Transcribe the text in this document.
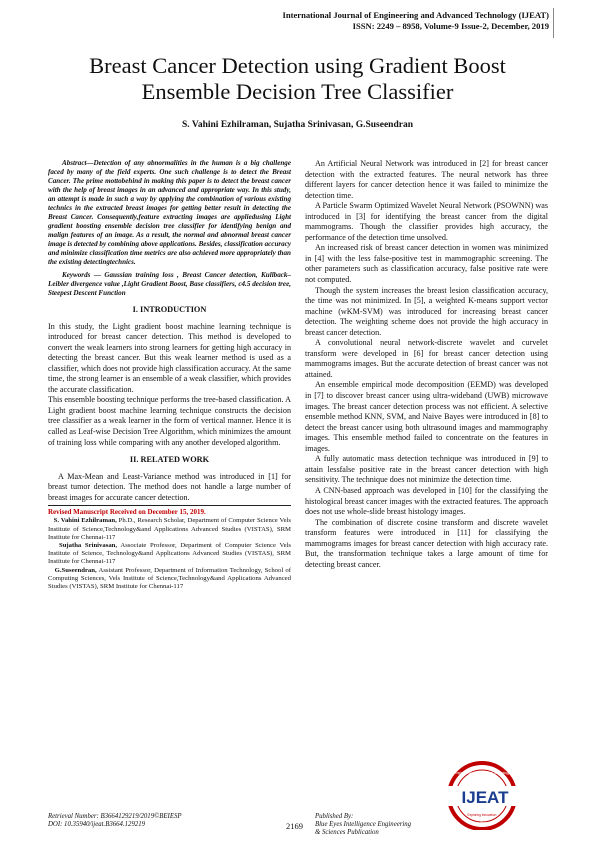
International Journal of Engineering and Advanced Technology (IJEAT)
ISSN: 2249 – 8958, Volume-9 Issue-2, December, 2019
Breast Cancer Detection using Gradient Boost
Ensemble Decision Tree Classifier
S. Vahini Ezhilraman, Sujatha Srinivasan, G.Suseendran

Abstract—Detection of any abnormalities in the human is a big challenge faced by many of the field experts. One such challenge is to detect the Breast Cancer. The prime mottobehind in making this paper is to detect the breast cancer with the help of breast images in an advanced and appropriate way. In this study, an attempt is made in such a way by applying the combination of various existing technics in the extracted breast images for getting better result in detecting the Breast Cancer. Consequently,feature extracting images are appliedusing Light gradient boosting ensemble decision tree classifier for identifying benign and malign features of an image. As a result, the normal and abnormal breast cancer image is detected by combining above applications. Besides, classification accuracy and minimize classification time metrics are also achieved more appropriately than the existing detectingtechnics.

Keywords — Gaussian training loss , Breast Cancer detection, Kullback–Leibler divergence value ,Light Gradient Boost, Base classifiers, c4.5 decision tree, Steepest Descent Function

I. INTRODUCTION

In this study, the Light gradient boost machine learning technique is introduced for breast cancer detection. This method is developed to convert the weak learners into strong learners for getting high accuracy in detecting the breast cancer. But this weak learner method is used as a classifier, which does not provide high classification accuracy. At the same time, the strong learner is an ensemble of a weak classifier, which provides the accurate classification.

This ensemble boosting technique performs the tree-based classification. A Light gradient boost machine learning technique constructs the decision tree classifier as a weak learner in the form of vertical manner. Hence it is called as Leaf-wise Decision Tree Algorithm, which minimizes the amount of training loss while comparing with any another developed algorithm.

II. RELATED WORK

A Max-Mean and Least-Variance method was introduced in [1] for breast tumor detection. The method does not handle a large number of breast images for accurate cancer detection.

Revised Manuscript Received on December 15, 2019.

S. Vahini Ezhilraman, Ph.D., Research Scholar, Department of Computer Science Vels Institute of Science,Technology&and Applications Advanced Studies (VISTAS), SRM Institute for Chennai-117

Sujatha Srinivasan, Associate Professor, Department of Computer Science Vels Institute of Science, Technology&and Applications Advanced Studies (VISTAS), SRM Institute for Chennai-117

G.Suseendran, Assistant Professor, Department of Information Technology, School of Computing Sciences, Vels Institute of Science,Technology&and Applications Advanced Studies (VISTAS), SRM Institute for Chennai-117

An Artificial Neural Network was introduced in [2] for breast cancer detection with the extracted features. The neural network has three different layers for cancer detection hence it was failed to minimize the detection time.

A Particle Swarm Optimized Wavelet Neural Network (PSOWNN) was introduced in [3] for identifying the breast cancer from the digital mammograms. Though the classifier provides high accuracy, the performance of the detection time unsolved.

An increased risk of breast cancer detection in women was minimized in [4] with the less false-positive test in mammographic screening. The other parameters such as classification accuracy, false positive rate were not computed.

Though the system increases the breast lesion classification accuracy, the time was not minimized. In [5], a weighted K-means support vector machine (wKM-SVM) was introduced for increasing breast cancer detection. The weighting scheme does not provide the high accuracy in breast cancer detection.

A convolutional neural network-discrete wavelet and curvelet transform were developed in [6] for breast cancer detection using mammograms images. But the accurate detection of breast cancer was not attained.

An ensemble empirical mode decomposition (EEMD) was developed in [7] to discover breast cancer using ultra-wideband (UWB) microwave images. The breast cancer detection process was not efficient. A selective ensemble method KNN, SVM, and Naive Bayes were introduced in [8] to detect the breast cancer using both ultrasound images and mammography images. This ensemble method failed to concentrate on the features in images.

A fully automatic mass detection technique was introduced in [9] to attain lessfalse positive rate in the breast cancer detection with high sensitivity. The technique does not minimize the detection time.

A CNN-based approach was developed in [10] for the classifying the histological breast cancer images with the extracted features. The approach does not use whole-slide breast histology images.

The combination of discrete cosine transform and discrete wavelet transform features were introduced in [11] for classifying the mammograms images for breast cancer detection with high accuracy rate. But, the transformation technique takes a large amount of time for detecting breast cancer.

Retrieval Number: B3664129219/2019©BEIESP
DOI: 10.35940/ijeat.B3664.129219	2169
Published By:
Blue Eyes Intelligence Engineering
& Sciences Publication
IJEAT
Engineering and Advanced Technology
www.ijeat.org
Exploring Innovation
